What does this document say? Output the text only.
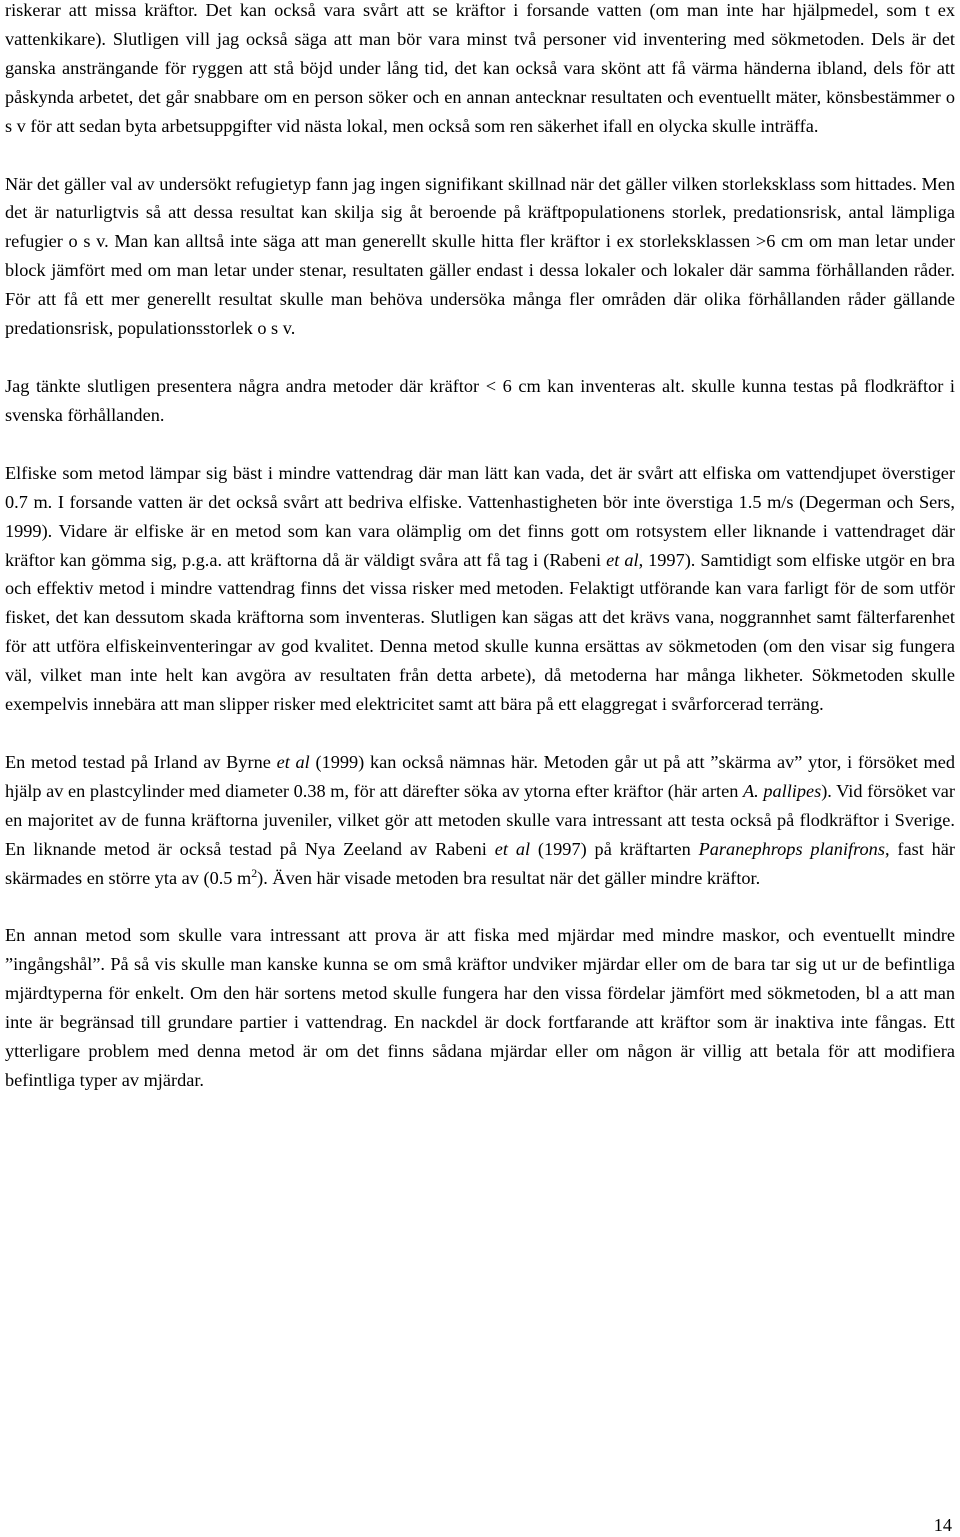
riskerar att missa kräftor. Det kan också vara svårt att se kräftor i forsande vatten (om man inte har hjälpmedel, som t ex vattenkikare). Slutligen vill jag också säga att man bör vara minst två personer vid inventering med sökmetoden. Dels är det ganska ansträngande för ryggen att stå böjd under lång tid, det kan också vara skönt att få värma händerna ibland, dels för att påskynda arbetet, det går snabbare om en person söker och en annan antecknar resultaten och eventuellt mäter, könsbestämmer o s v för att sedan byta arbetsuppgifter vid nästa lokal, men också som ren säkerhet ifall en olycka skulle inträffa.

När det gäller val av undersökt refugietyp fann jag ingen signifikant skillnad när det gäller vilken storleksklass som hittades. Men det är naturligtvis så att dessa resultat kan skilja sig åt beroende på kräftpopulationens storlek, predationsrisk, antal lämpliga refugier o s v. Man kan alltså inte säga att man generellt skulle hitta fler kräftor i ex storleksklassen >6 cm om man letar under block jämfört med om man letar under stenar, resultaten gäller endast i dessa lokaler och lokaler där samma förhållanden råder. För att få ett mer generellt resultat skulle man behöva undersöka många fler områden där olika förhållanden råder gällande predationsrisk, populationsstorlek o s v.

Jag tänkte slutligen presentera några andra metoder där kräftor < 6 cm kan inventeras alt. skulle kunna testas på flodkräftor i svenska förhållanden.

Elfiske som metod lämpar sig bäst i mindre vattendrag där man lätt kan vada, det är svårt att elfiska om vattendjupet överstiger 0.7 m. I forsande vatten är det också svårt att bedriva elfiske. Vattenhastigheten bör inte överstiga 1.5 m/s (Degerman och Sers, 1999). Vidare är elfiske är en metod som kan vara olämplig om det finns gott om rotsystem eller liknande i vattendraget där kräftor kan gömma sig, p.g.a. att kräftorna då är väldigt svåra att få tag i (Rabeni et al, 1997). Samtidigt som elfiske utgör en bra och effektiv metod i mindre vattendrag finns det vissa risker med metoden. Felaktigt utförande kan vara farligt för de som utför fisket, det kan dessutom skada kräftorna som inventeras. Slutligen kan sägas att det krävs vana, noggrannhet samt fälterfarenhet för att utföra elfiskeinventeringar av god kvalitet. Denna metod skulle kunna ersättas av sökmetoden (om den visar sig fungera väl, vilket man inte helt kan avgöra av resultaten från detta arbete), då metoderna har många likheter. Sökmetoden skulle exempelvis innebära att man slipper risker med elektricitet samt att bära på ett elaggregat i svårforcerad terräng.

En metod testad på Irland av Byrne et al (1999) kan också nämnas här. Metoden går ut på att ”skärma av” ytor, i försöket med hjälp av en plastcylinder med diameter 0.38 m, för att därefter söka av ytorna efter kräftor (här arten A. pallipes). Vid försöket var en majoritet av de funna kräftorna juveniler, vilket gör att metoden skulle vara intressant att testa också på flodkräftor i Sverige. En liknande metod är också testad på Nya Zeeland av Rabeni et al (1997) på kräftarten Paranephrops planifrons, fast här skärmades en större yta av (0.5 $m^2$). Även här visade metoden bra resultat när det gäller mindre kräftor.

En annan metod som skulle vara intressant att prova är att fiska med mjärdar med mindre maskor, och eventuellt mindre ”ingångshål”. På så vis skulle man kanske kunna se om små kräftor undviker mjärdar eller om de bara tar sig ut ur de befintliga mjärdtyperna för enkelt. Om den här sortens metod skulle fungera har den vissa fördelar jämfört med sökmetoden, bl a att man inte är begränsad till grundare partier i vattendrag. En nackdel är dock fortfarande att kräftor som är inaktiva inte fångas. Ett ytterligare problem med denna metod är om det finns sådana mjärdar eller om någon är villig att betala för att modifiera befintliga typer av mjärdar.

14
